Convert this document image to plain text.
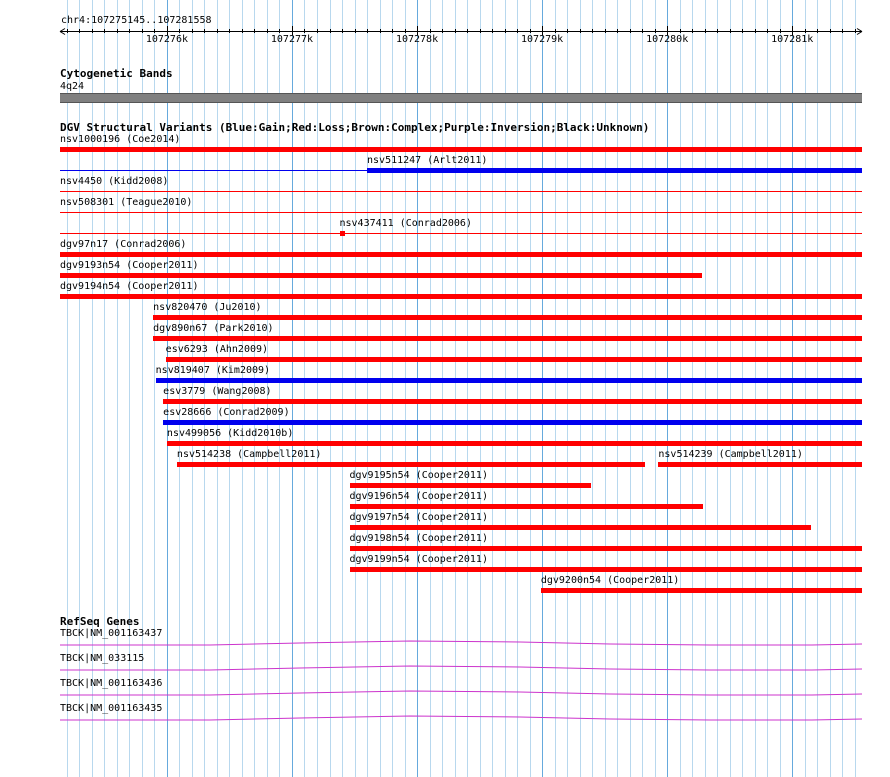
chr4:107275145..107281558
107276k	107277k	107278k	107279k	107280k	107281k
Cytogenetic Bands
4q24
DGV Structural Variants (Blue:Gain;Red:Loss;Brown:Complex;Purple:Inversion;Black:Unknown)
nsv1000196 (Coe2014)
nsv511247 (Arlt2011)
nsv4450 (Kidd2008)
nsv508301 (Teague2010)
nsv437411 (Conrad2006)
dgv97n17 (Conrad2006)
dgv9193n54 (Cooper2011)
dgv9194n54 (Cooper2011)
nsv820470 (Ju2010)
dgv890n67 (Park2010)
esv6293 (Ahn2009)
nsv819407 (Kim2009)
esv3779 (Wang2008)
esv28666 (Conrad2009)
nsv499056 (Kidd2010b)
nsv514238 (Campbell2011)	nsv514239 (Campbell2011)
dgv9195n54 (Cooper2011)
dgv9196n54 (Cooper2011)
dgv9197n54 (Cooper2011)
dgv9198n54 (Cooper2011)
dgv9199n54 (Cooper2011)
dgv9200n54 (Cooper2011)
RefSeq Genes
TBCK|NM_001163437
TBCK|NM_033115
TBCK|NM_001163436
TBCK|NM_001163435
